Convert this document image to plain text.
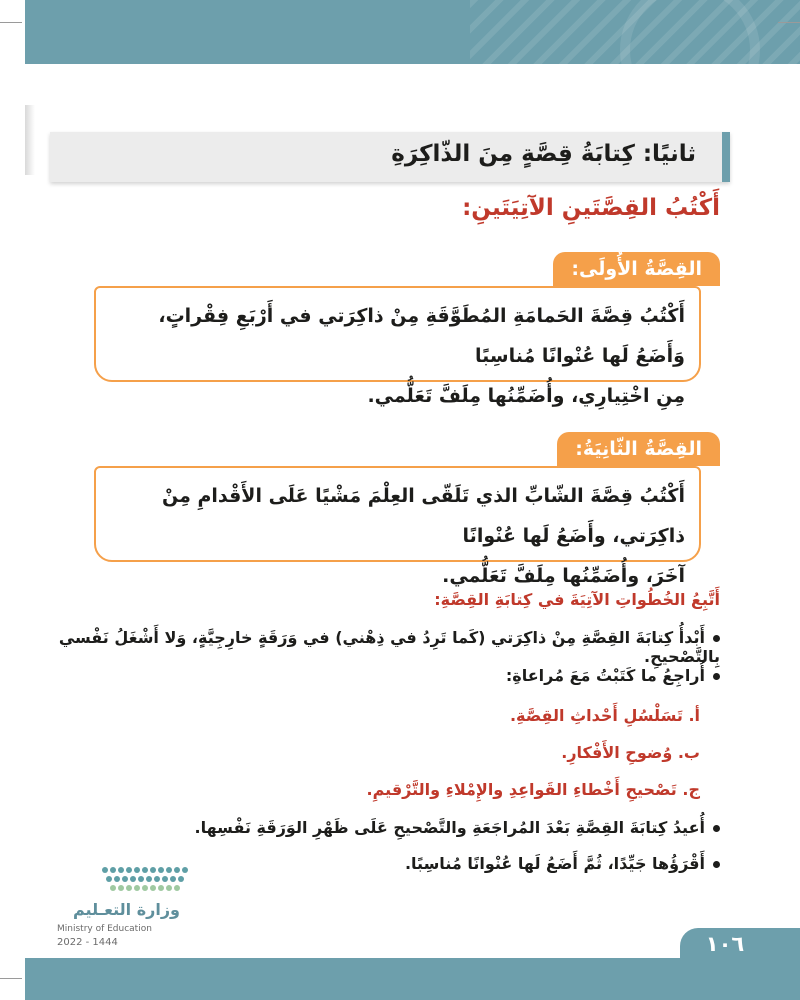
ثانيًا: كِتابَةُ قِصَّةٍ مِنَ الذّاكِرَةِ
أَكْتُبُ القِصَّتَينِ الآتِيَتَينِ:

أَكْتُبُ قِصَّةَ الحَمامَةِ المُطَوَّقَةِ مِنْ ذاكِرَتي في أَرْبَعِ فِقْراتٍ، وَأَضَعُ لَها عُنْوانًا مُناسِبًا

مِنِ اخْتِيارِي، وأُضَمِّنُها مِلَفَّ تَعَلُّمي.

القِصَّةُ الأُولَى:

أَكْتُبُ قِصَّةَ الشّابِّ الذي تَلَقّى العِلْمَ مَشْيًا عَلَى الأَقْدامِ مِنْ ذاكِرَتي، وأَضَعُ لَها عُنْوانًا

آخَرَ، وأُضَمِّنُها مِلَفَّ تَعَلُّمي.

القِصَّةُ الثّانِيَةُ:
أَتَّبِعُ الخُطُواتِ الآتِيَةَ في كِتابَةِ القِصَّةِ:
أَبْدأُ كِتابَةَ القِصَّةِ مِنْ ذاكِرَتي (كَما تَرِدُ في ذِهْني) في وَرَقَةٍ خارِجِيَّةٍ، وَلا أَشْغَلُ نَفْسي بِالتَّصْحيحِ.
أُراجِعُ ما كَتَبْتُ مَعَ مُراعاةِ:
أ. تَسَلْسُلِ أَحْداثِ القِصَّةِ.
ب. وُضوحِ الأَفْكارِ.
ج. تَصْحيحِ أَخْطاءِ القَواعِدِ والإِمْلاءِ والتَّرْقيمِ.
أُعيدُ كِتابَةَ القِصَّةِ بَعْدَ المُراجَعَةِ والتَّصْحيحِ عَلَى ظَهْرِ الوَرَقَةِ نَفْسِها.
أَقْرَؤُها جَيِّدًا، ثُمَّ أَضَعُ لَها عُنْوانًا مُناسِبًا.
وزارة التعـليم
Ministry of Education
2022 - 1444	١٠٦
